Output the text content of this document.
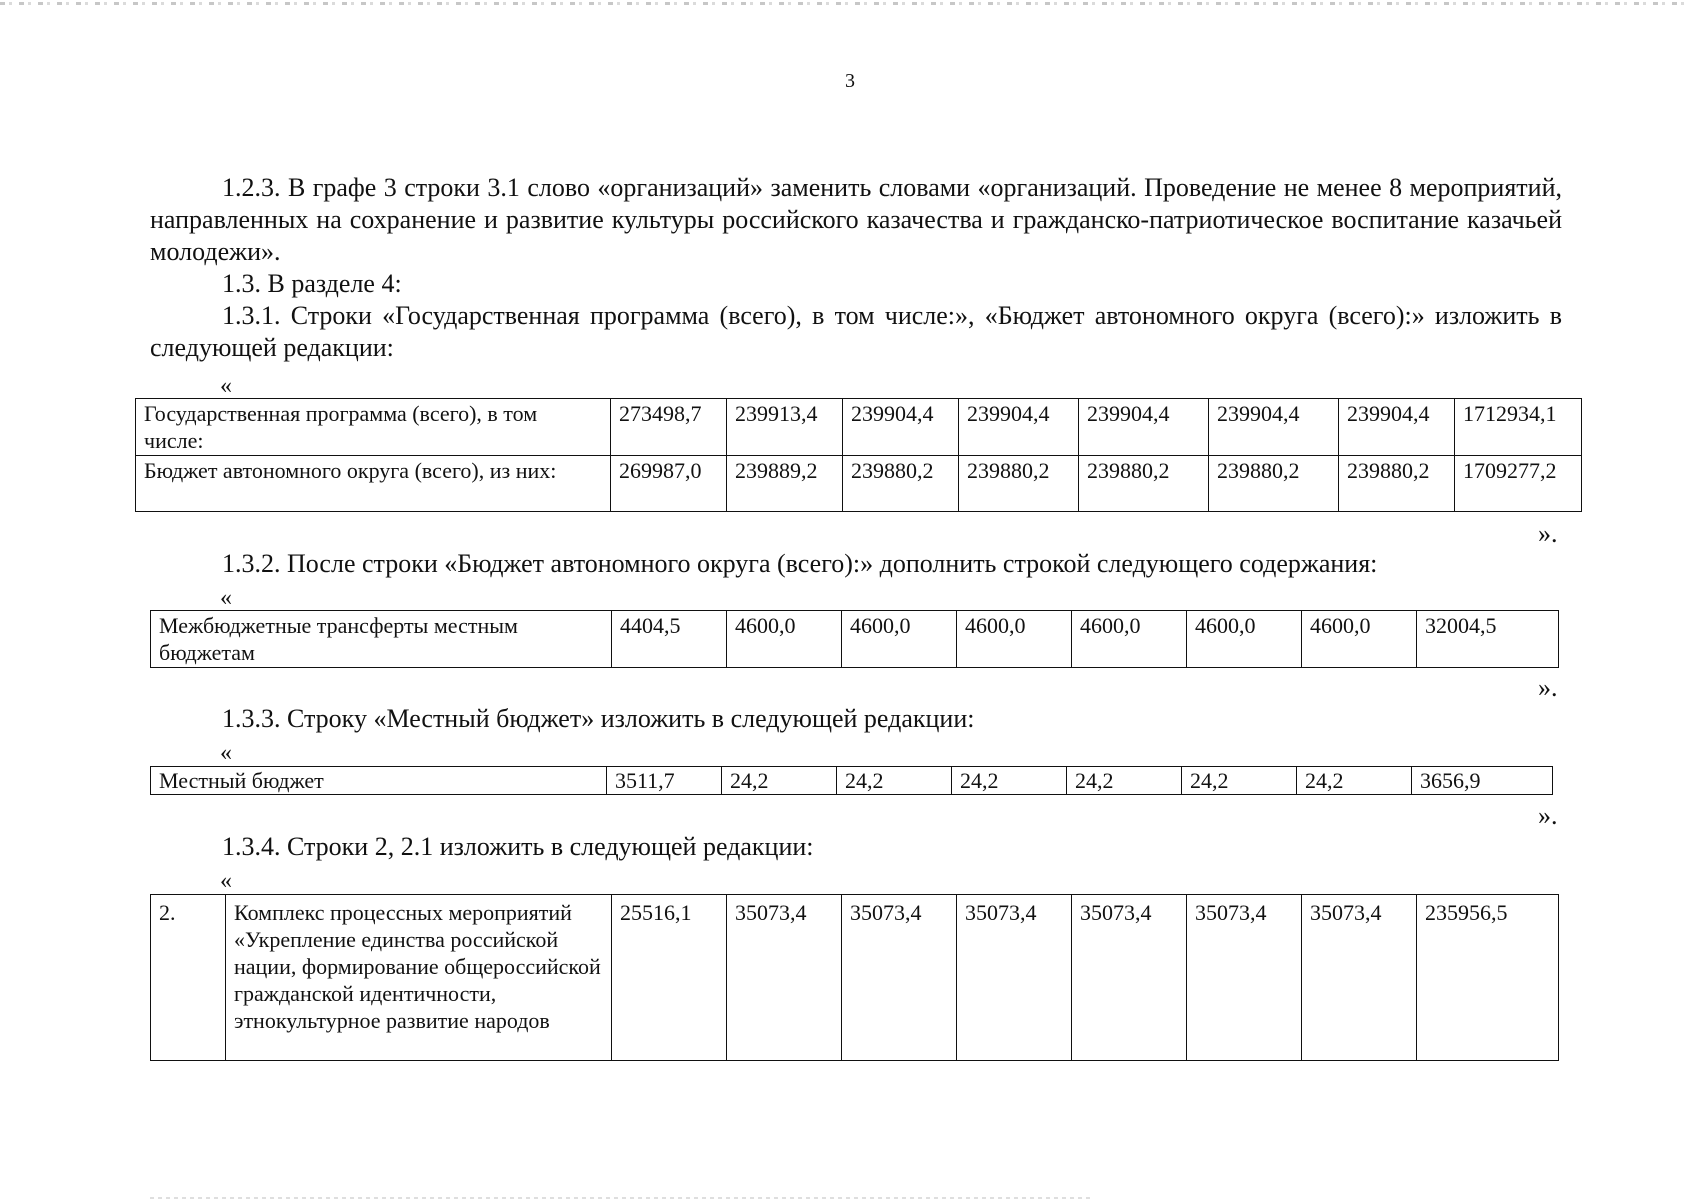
3

1.2.3. В графе 3 строки 3.1 слово «организаций» заменить словами «организаций. Проведение не менее 8 мероприятий, направленных на сохранение и развитие культуры российского казачества и гражданско-патриотическое воспитание казачьей молодежи».

1.3. В разделе 4:

1.3.1. Строки «Государственная программа (всего), в том числе:», «Бюджет автономного округа (всего):» изложить в следующей редакции:

«
Государственная программа (всего), в том числе:	273498,7	239913,4	239904,4	239904,4	239904,4	239904,4	239904,4	1712934,1
Бюджет автономного округа (всего), из них:	269987,0	239889,2	239880,2	239880,2	239880,2	239880,2	239880,2	1709277,2
».
1.3.2. После строки «Бюджет автономного округа (всего):» дополнить строкой следующего содержания:
«
Межбюджетные трансферты местным бюджетам	4404,5	4600,0	4600,0	4600,0	4600,0	4600,0	4600,0	32004,5
».
1.3.3. Строку «Местный бюджет» изложить в следующей редакции:
«
Местный бюджет	3511,7	24,2	24,2	24,2	24,2	24,2	24,2	3656,9
».
1.3.4. Строки 2, 2.1 изложить в следующей редакции:
«
2.	Комплекс процессных мероприятий «Укрепление единства российской нации, формирование общероссийской гражданской идентичности, этнокультурное развитие народов	25516,1	35073,4	35073,4	35073,4	35073,4	35073,4	35073,4	235956,5
